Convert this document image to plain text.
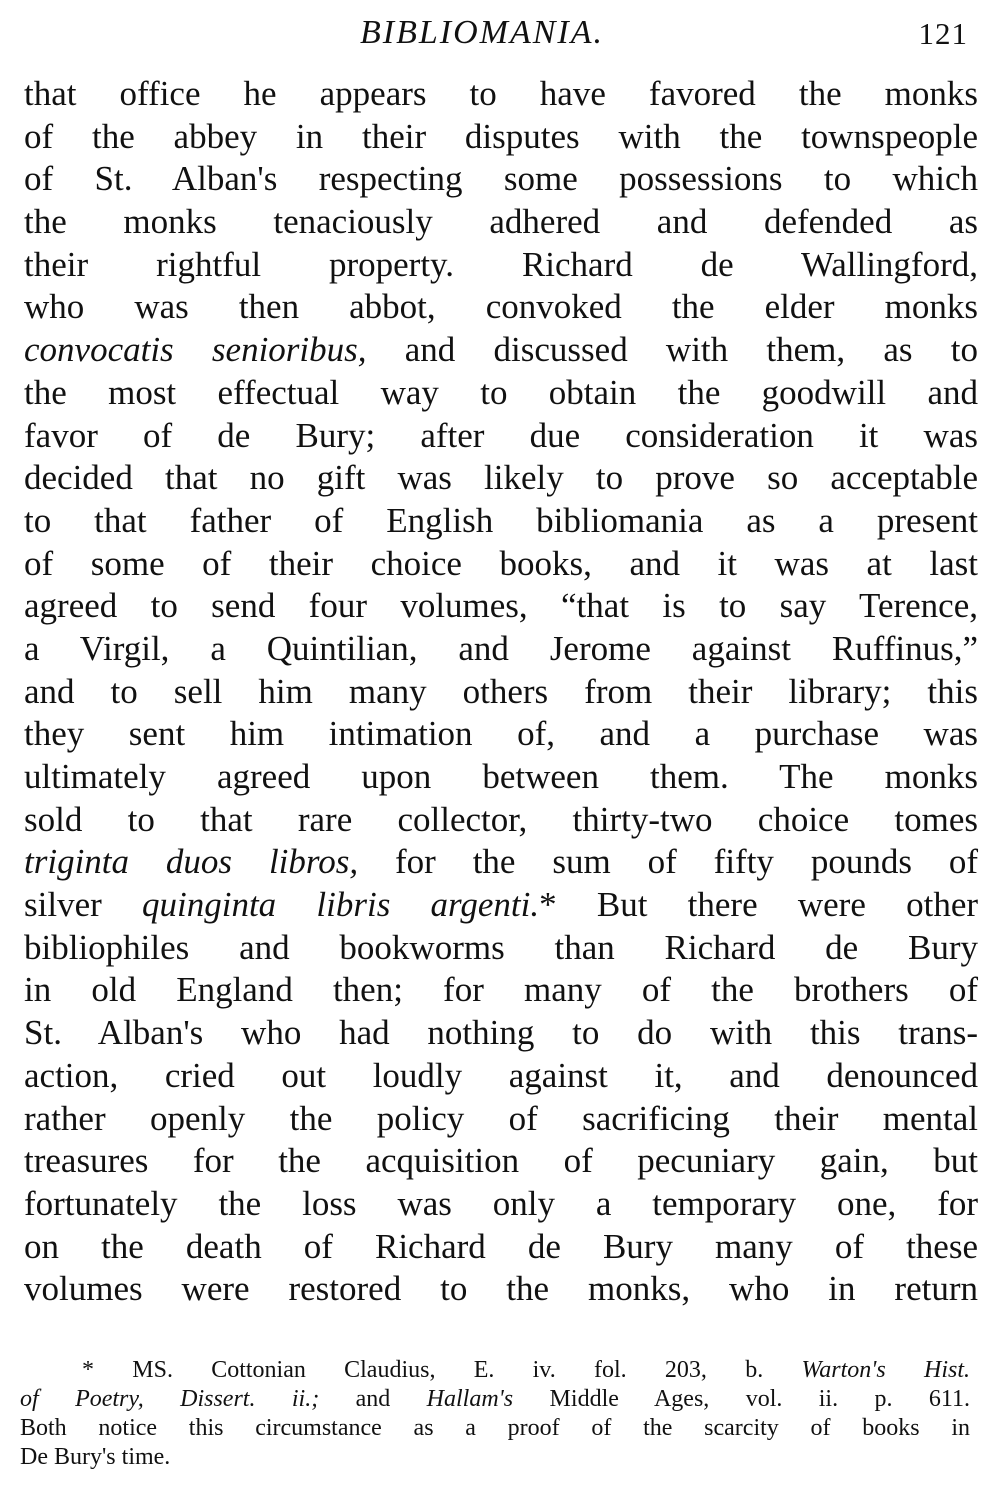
BIBLIOMANIA.	121
that office he appears to have favored the monks
of the abbey in their disputes with the townspeople
of St. Alban's respecting some possessions to which
the monks tenaciously adhered and defended as
their rightful property. Richard de Wallingford,
who was then abbot, convoked the elder monks
convocatis senioribus, and discussed with them, as to
the most effectual way to obtain the goodwill and
favor of de Bury; after due consideration it was
decided that no gift was likely to prove so acceptable
to that father of English bibliomania as a present
of some of their choice books, and it was at last
agreed to send four volumes, “that is to say Terence,
a Virgil, a Quintilian, and Jerome against Ruffinus,”
and to sell him many others from their library; this
they sent him intimation of, and a purchase was
ultimately agreed upon between them. The monks
sold to that rare collector, thirty-two choice tomes
triginta duos libros, for the sum of fifty pounds of
silver quinginta libris argenti.* But there were other
bibliophiles and bookworms than Richard de Bury
in old England then; for many of the brothers of
St. Alban's who had nothing to do with this trans-
action, cried out loudly against it, and denounced
rather openly the policy of sacrificing their mental
treasures for the acquisition of pecuniary gain, but
fortunately the loss was only a temporary one, for
on the death of Richard de Bury many of these
volumes were restored to the monks, who in return
* MS. Cottonian Claudius, E. iv. fol. 203, b. Warton's Hist.
of Poetry, Dissert. ii.; and Hallam's Middle Ages, vol. ii. p. 611.
Both notice this circumstance as a proof of the scarcity of books in
De Bury's time.
